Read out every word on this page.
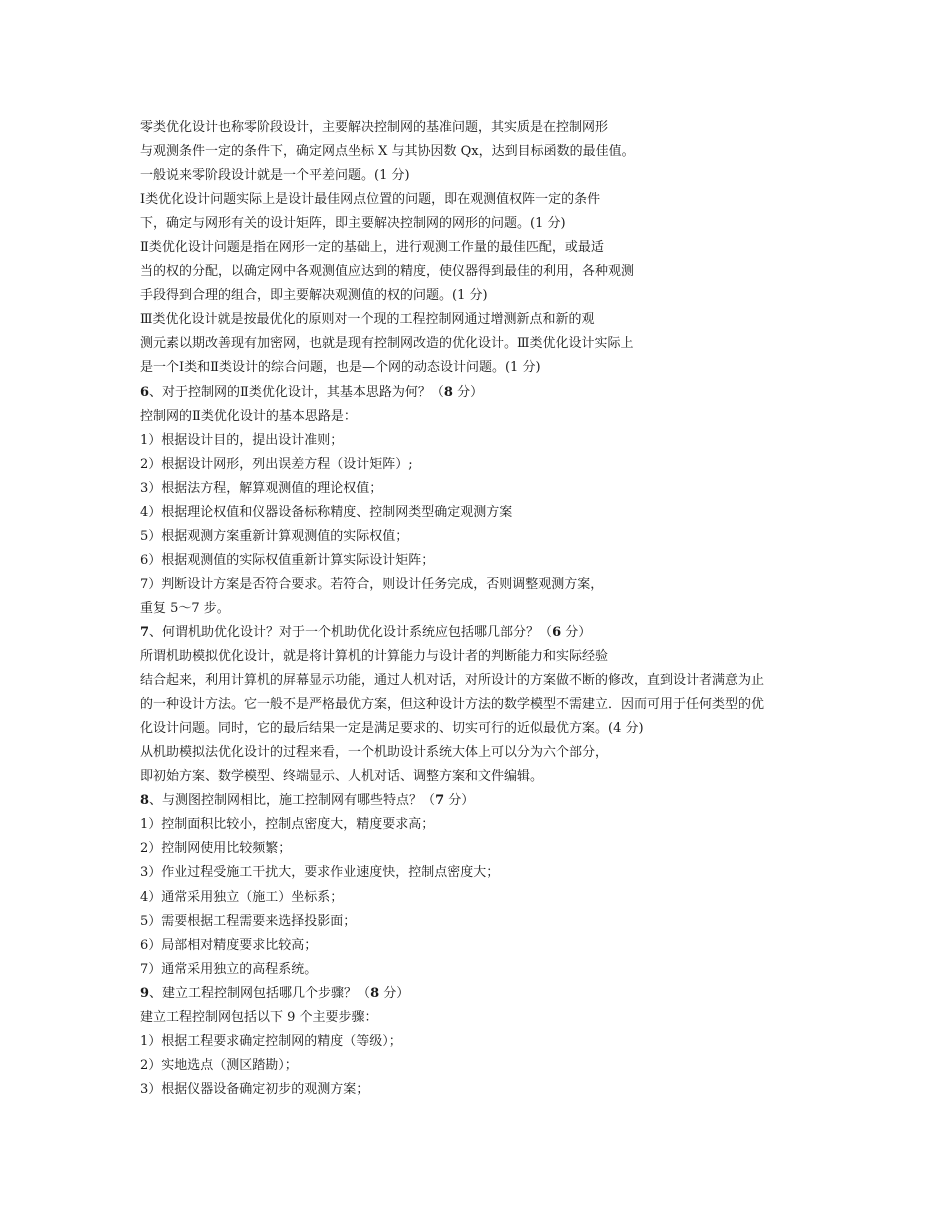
零类优化设计也称零阶段设计，主要解决控制网的基准问题，其实质是在控制网形
与观测条件一定的条件下，确定网点坐标 X 与其协因数 Qx，达到目标函数的最佳值。
一般说来零阶段设计就是一个平差问题。(1 分)
Ⅰ类优化设计问题实际上是设计最佳网点位置的问题，即在观测值权阵一定的条件
下，确定与网形有关的设计矩阵，即主要解决控制网的网形的问题。(1 分)
Ⅱ类优化设计问题是指在网形一定的基础上，进行观测工作量的最佳匹配，或最适
当的权的分配，以确定网中各观测值应达到的精度，使仪器得到最佳的利用，各种观测
手段得到合理的组合，即主要解决观测值的权的问题。(1 分)
Ⅲ类优化设计就是按最优化的原则对一个现的工程控制网通过增测新点和新的观
测元素以期改善现有加密网，也就是现有控制网改造的优化设计。Ⅲ类优化设计实际上
是一个Ⅰ类和Ⅱ类设计的综合问题，也是—个网的动态设计问题。(1 分)
6、对于控制网的Ⅱ类优化设计，其基本思路为何？（8 分）
控制网的Ⅱ类优化设计的基本思路是：
1）根据设计目的，提出设计准则；
2）根据设计网形，列出误差方程（设计矩阵）;
3）根据法方程，解算观测值的理论权值；
4）根据理论权值和仪器设备标称精度、控制网类型确定观测方案
5）根据观测方案重新计算观测值的实际权值；
6）根据观测值的实际权值重新计算实际设计矩阵；
7）判断设计方案是否符合要求。若符合，则设计任务完成，否则调整观测方案，
重复 5～7 步。
7、何谓机助优化设计？对于一个机助优化设计系统应包括哪几部分？（6 分）
所谓机助模拟优化设计，就是将计算机的计算能力与设计者的判断能力和实际经验
结合起来，利用计算机的屏幕显示功能，通过人机对话，对所设计的方案做不断的修改，直到设计者满意为止
的一种设计方法。它一般不是严格最优方案，但这种设计方法的数学模型不需建立．因而可用于任何类型的优
化设计问题。同时，它的最后结果一定是满足要求的、切实可行的近似最优方案。(4 分)
从机助模拟法优化设计的过程来看，一个机助设计系统大体上可以分为六个部分，
即初始方案、数学模型、终端显示、人机对话、调整方案和文件编辑。
8、与测图控制网相比，施工控制网有哪些特点？（7 分）
1）控制面积比较小，控制点密度大，精度要求高；
2）控制网使用比较频繁；
3）作业过程受施工干扰大，要求作业速度快，控制点密度大；
4）通常采用独立（施工）坐标系；
5）需要根据工程需要来选择投影面；
6）局部相对精度要求比较高；
7）通常采用独立的高程系统。
9、建立工程控制网包括哪几个步骤？（8 分）
建立工程控制网包括以下 9 个主要步骤：
1）根据工程要求确定控制网的精度（等级）；
2）实地选点（测区踏勘）；
3）根据仪器设备确定初步的观测方案；
